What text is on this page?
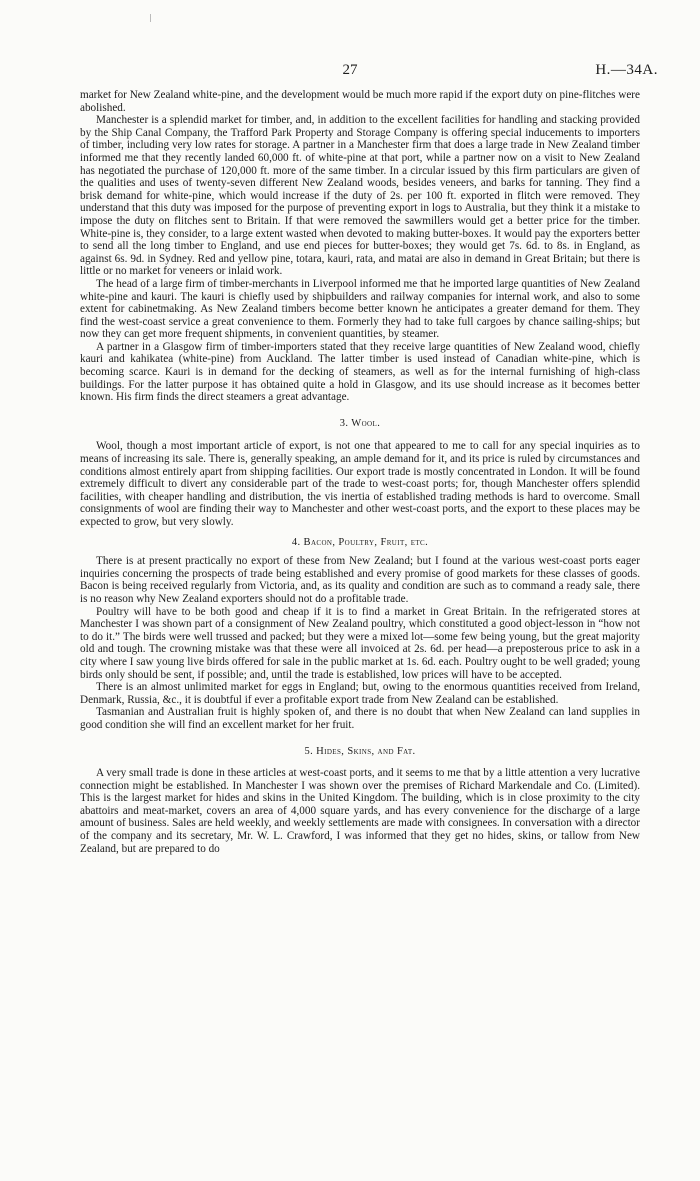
27	H.—34A.

market for New Zealand white-pine, and the development would be much more rapid if the export duty on pine-flitches were abolished.

Manchester is a splendid market for timber, and, in addition to the excellent facilities for handling and stacking provided by the Ship Canal Company, the Trafford Park Property and Storage Company is offering special inducements to importers of timber, including very low rates for storage. A partner in a Manchester firm that does a large trade in New Zealand timber informed me that they recently landed 60,000 ft. of white-pine at that port, while a partner now on a visit to New Zealand has negotiated the purchase of 120,000 ft. more of the same timber. In a circular issued by this firm particulars are given of the qualities and uses of twenty-seven different New Zealand woods, besides veneers, and barks for tanning. They find a brisk demand for white-pine, which would increase if the duty of 2s. per 100 ft. exported in flitch were removed. They understand that this duty was imposed for the purpose of preventing export in logs to Australia, but they think it a mistake to impose the duty on flitches sent to Britain. If that were removed the sawmillers would get a better price for the timber. White-pine is, they consider, to a large extent wasted when devoted to making butter-boxes. It would pay the exporters better to send all the long timber to England, and use end pieces for butter-boxes; they would get 7s. 6d. to 8s. in England, as against 6s. 9d. in Sydney. Red and yellow pine, totara, kauri, rata, and matai are also in demand in Great Britain; but there is little or no market for veneers or inlaid work.

The head of a large firm of timber-merchants in Liverpool informed me that he imported large quantities of New Zealand white-pine and kauri. The kauri is chiefly used by shipbuilders and railway companies for internal work, and also to some extent for cabinetmaking. As New Zealand timbers become better known he anticipates a greater demand for them. They find the west-coast service a great convenience to them. Formerly they had to take full cargoes by chance sailing-ships; but now they can get more frequent shipments, in convenient quantities, by steamer.

A partner in a Glasgow firm of timber-importers stated that they receive large quantities of New Zealand wood, chiefly kauri and kahikatea (white-pine) from Auckland. The latter timber is used instead of Canadian white-pine, which is becoming scarce. Kauri is in demand for the decking of steamers, as well as for the internal furnishing of high-class buildings. For the latter purpose it has obtained quite a hold in Glasgow, and its use should increase as it becomes better known. His firm finds the direct steamers a great advantage.

3. Wool.

Wool, though a most important article of export, is not one that appeared to me to call for any special inquiries as to means of increasing its sale. There is, generally speaking, an ample demand for it, and its price is ruled by circumstances and conditions almost entirely apart from shipping facilities. Our export trade is mostly concentrated in London. It will be found extremely difficult to divert any considerable part of the trade to west-coast ports; for, though Manchester offers splendid facilities, with cheaper handling and distribution, the vis inertia of established trading methods is hard to overcome. Small consignments of wool are finding their way to Manchester and other west-coast ports, and the export to these places may be expected to grow, but very slowly.

4. Bacon, Poultry, Fruit, etc.

There is at present practically no export of these from New Zealand; but I found at the various west-coast ports eager inquiries concerning the prospects of trade being established and every promise of good markets for these classes of goods. Bacon is being received regularly from Victoria, and, as its quality and condition are such as to command a ready sale, there is no reason why New Zealand exporters should not do a profitable trade.

Poultry will have to be both good and cheap if it is to find a market in Great Britain. In the refrigerated stores at Manchester I was shown part of a consignment of New Zealand poultry, which constituted a good object-lesson in “how not to do it.” The birds were well trussed and packed; but they were a mixed lot—some few being young, but the great majority old and tough. The crowning mistake was that these were all invoiced at 2s. 6d. per head—a preposterous price to ask in a city where I saw young live birds offered for sale in the public market at 1s. 6d. each. Poultry ought to be well graded; young birds only should be sent, if possible; and, until the trade is established, low prices will have to be accepted.

There is an almost unlimited market for eggs in England; but, owing to the enormous quantities received from Ireland, Denmark, Russia, &c., it is doubtful if ever a profitable export trade from New Zealand can be established.

Tasmanian and Australian fruit is highly spoken of, and there is no doubt that when New Zealand can land supplies in good condition she will find an excellent market for her fruit.

5. Hides, Skins, and Fat.

A very small trade is done in these articles at west-coast ports, and it seems to me that by a little attention a very lucrative connection might be established. In Manchester I was shown over the premises of Richard Markendale and Co. (Limited). This is the largest market for hides and skins in the United Kingdom. The building, which is in close proximity to the city abattoirs and meat-market, covers an area of 4,000 square yards, and has every convenience for the discharge of a large amount of business. Sales are held weekly, and weekly settlements are made with consignees. In conversation with a director of the company and its secretary, Mr. W. L. Crawford, I was informed that they get no hides, skins, or tallow from New Zealand, but are prepared to do
